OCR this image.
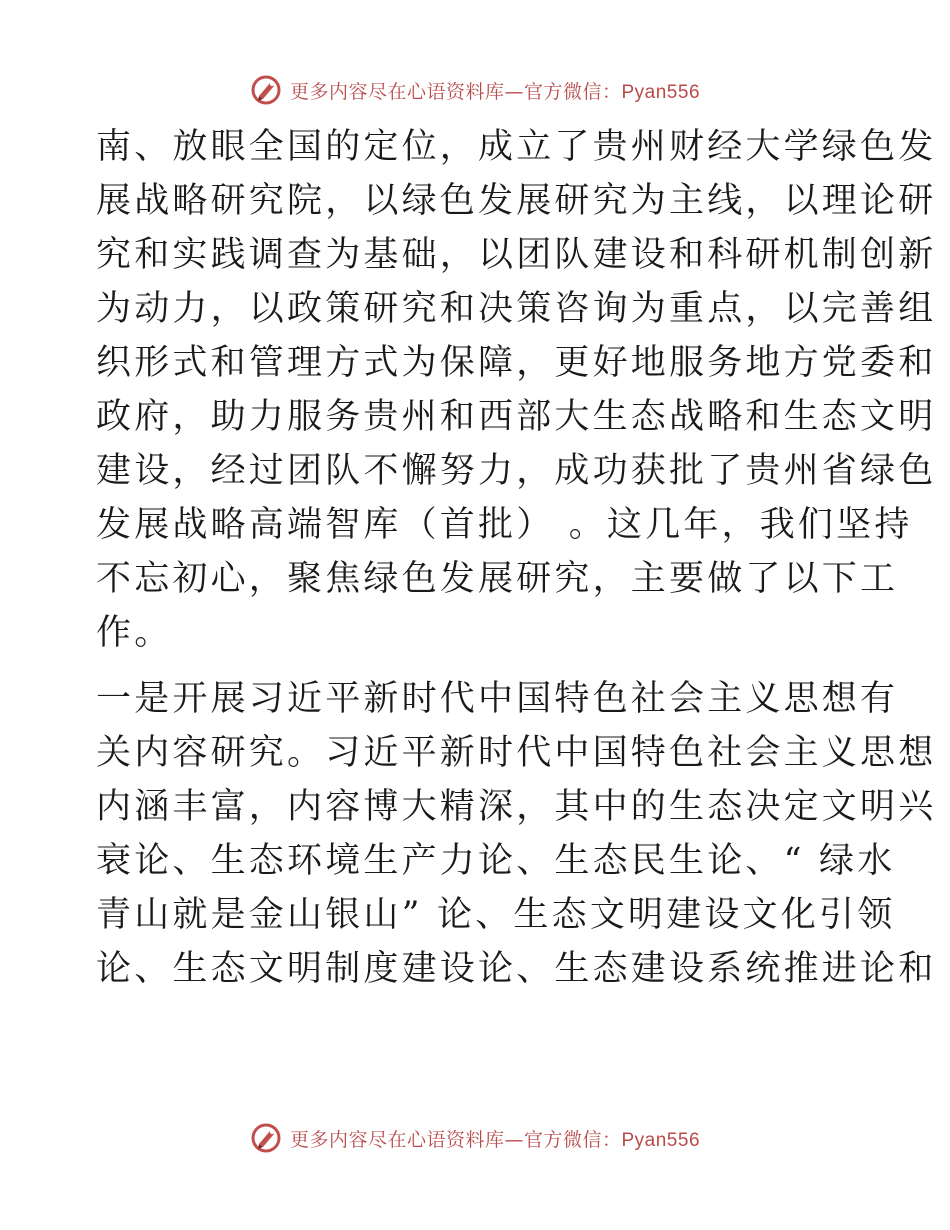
更多内容尽在心语资料库—官方微信：Pyan556

南、放眼全国的定位，成立了贵州财经大学绿色发
展战略研究院，以绿色发展研究为主线，以理论研
究和实践调查为基础，以团队建设和科研机制创新
为动力，以政策研究和决策咨询为重点，以完善组
织形式和管理方式为保障，更好地服务地方党委和
政府，助力服务贵州和西部大生态战略和生态文明
建设，经过团队不懈努力，成功获批了贵州省绿色
发展战略高端智库（首批） 。这几年，我们坚持
不忘初心，聚焦绿色发展研究，主要做了以下工
作。

一是开展习近平新时代中国特色社会主义思想有
关内容研究。习近平新时代中国特色社会主义思想
内涵丰富，内容博大精深，其中的生态决定文明兴
衰论、生态环境生产力论、生态民生论、“ 绿水
青山就是金山银山” 论、生态文明建设文化引领
论、生态文明制度建设论、生态建设系统推进论和

更多内容尽在心语资料库—官方微信：Pyan556
